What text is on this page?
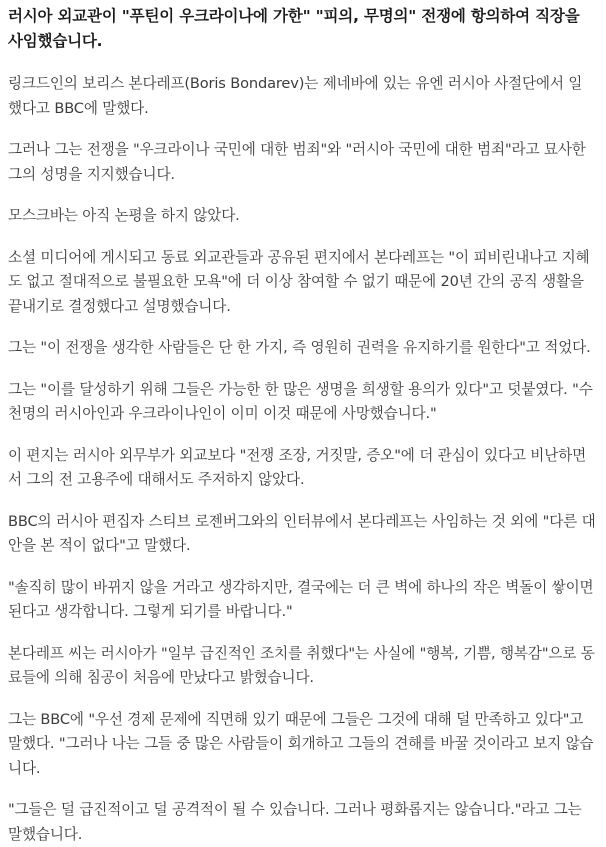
러시아 외교관이 "푸틴이 우크라이나에 가한" "피의, 무명의" 전쟁에 항의하여 직장을 사임했습니다.

링크드인의 보리스 본다레프(Boris Bondarev)는 제네바에 있는 유엔 러시아 사절단에서 일했다고 BBC에 말했다.

그러나 그는 전쟁을 "우크라이나 국민에 대한 범죄"와 "러시아 국민에 대한 범죄"라고 묘사한 그의 성명을 지지했습니다.

모스크바는 아직 논평을 하지 않았다.

소셜 미디어에 게시되고 동료 외교관들과 공유된 편지에서 본다레프는 "이 피비린내나고 지혜도 없고 절대적으로 불필요한 모욕"에 더 이상 참여할 수 없기 때문에 20년 간의 공직 생활을 끝내기로 결정했다고 설명했습니다.

그는 "이 전쟁을 생각한 사람들은 단 한 가지, 즉 영원히 권력을 유지하기를 원한다"고 적었다.

그는 "이를 달성하기 위해 그들은 가능한 한 많은 생명을 희생할 용의가 있다"고 덧붙였다. "수천명의 러시아인과 우크라이나인이 이미 이것 때문에 사망했습니다."

이 편지는 러시아 외무부가 외교보다 "전쟁 조장, 거짓말, 증오"에 더 관심이 있다고 비난하면서 그의 전 고용주에 대해서도 주저하지 않았다.

BBC의 러시아 편집자 스티브 로젠버그와의 인터뷰에서 본다레프는 사임하는 것 외에 "다른 대안을 본 적이 없다"고 말했다.

"솔직히 많이 바뀌지 않을 거라고 생각하지만, 결국에는 더 큰 벽에 하나의 작은 벽돌이 쌓이면 된다고 생각합니다. 그렇게 되기를 바랍니다."

본다레프 씨는 러시아가 "일부 급진적인 조치를 취했다"는 사실에 "행복, 기쁨, 행복감"으로 동료들에 의해 침공이 처음에 만났다고 밝혔습니다.

그는 BBC에 "우선 경제 문제에 직면해 있기 때문에 그들은 그것에 대해 덜 만족하고 있다"고 말했다. "그러나 나는 그들 중 많은 사람들이 회개하고 그들의 견해를 바꿀 것이라고 보지 않습니다.

"그들은 덜 급진적이고 덜 공격적이 될 수 있습니다. 그러나 평화롭지는 않습니다."라고 그는 말했습니다.
